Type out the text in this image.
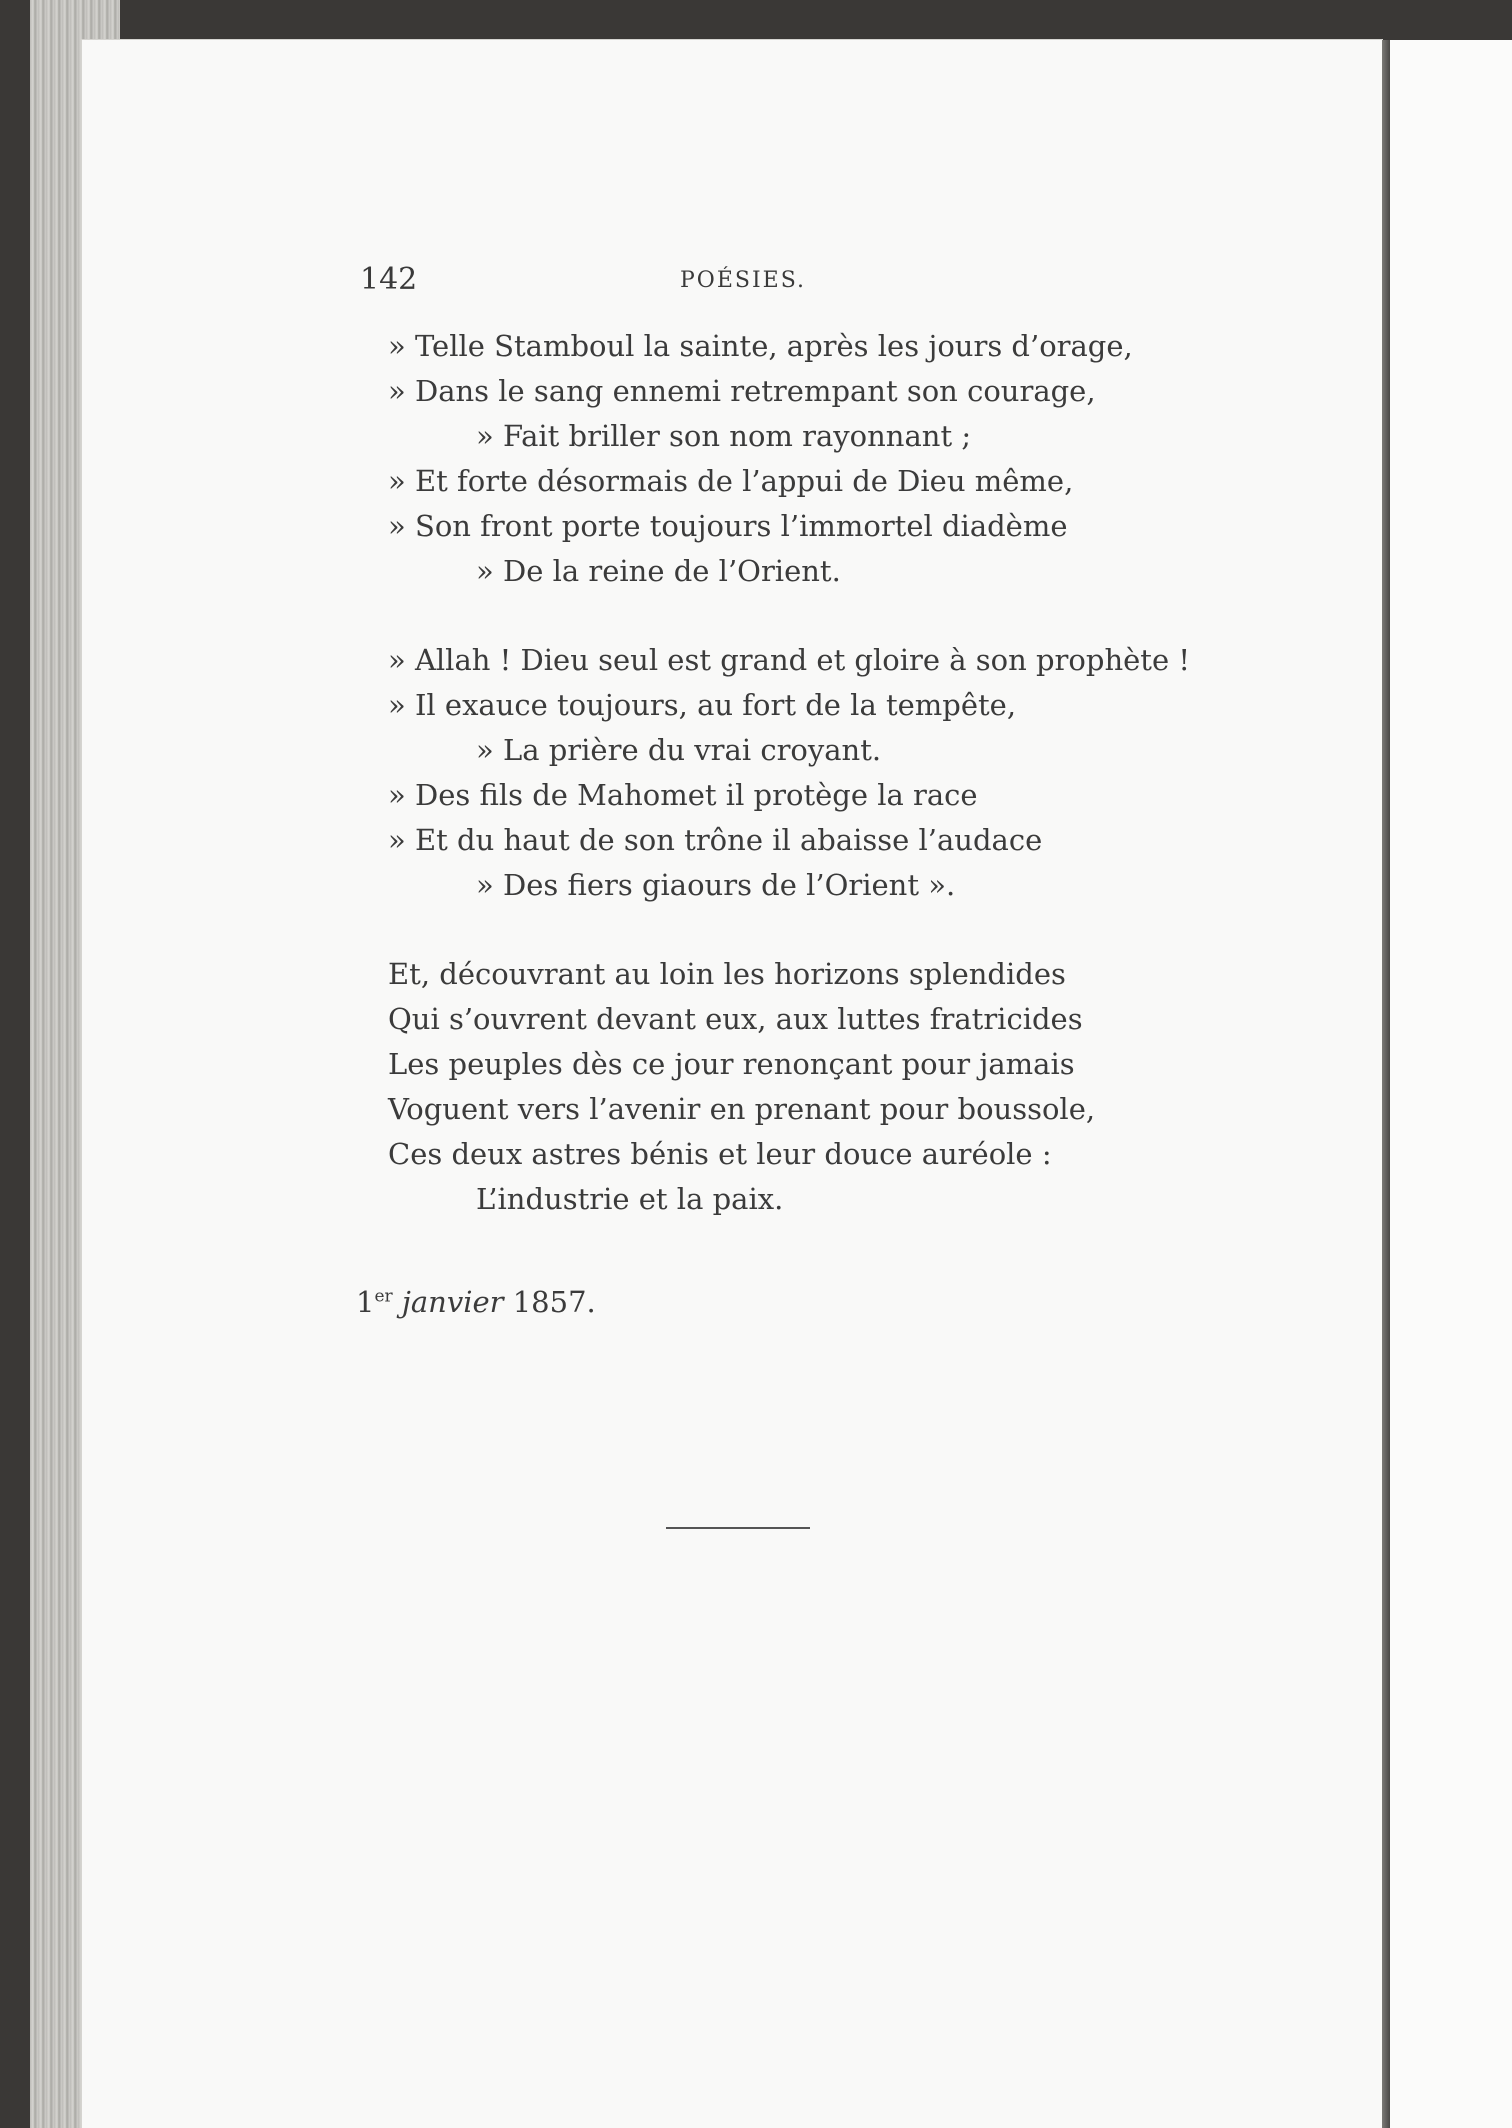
142	POÉSIES.
» Telle Stamboul la sainte, après les jours d’orage,
» Dans le sang ennemi retrempant son courage,
» Fait briller son nom rayonnant ;
» Et forte désormais de l’appui de Dieu même,
» Son front porte toujours l’immortel diadème
» De la reine de l’Orient.
» Allah ! Dieu seul est grand et gloire à son prophète !
» Il exauce toujours, au fort de la tempête,
» La prière du vrai croyant.
» Des fils de Mahomet il protège la race
» Et du haut de son trône il abaisse l’audace
» Des fiers giaours de l’Orient ».
Et, découvrant au loin les horizons splendides
Qui s’ouvrent devant eux, aux luttes fratricides
Les peuples dès ce jour renonçant pour jamais
Voguent vers l’avenir en prenant pour boussole,
Ces deux astres bénis et leur douce auréole :
L’industrie et la paix.
1er janvier 1857.
